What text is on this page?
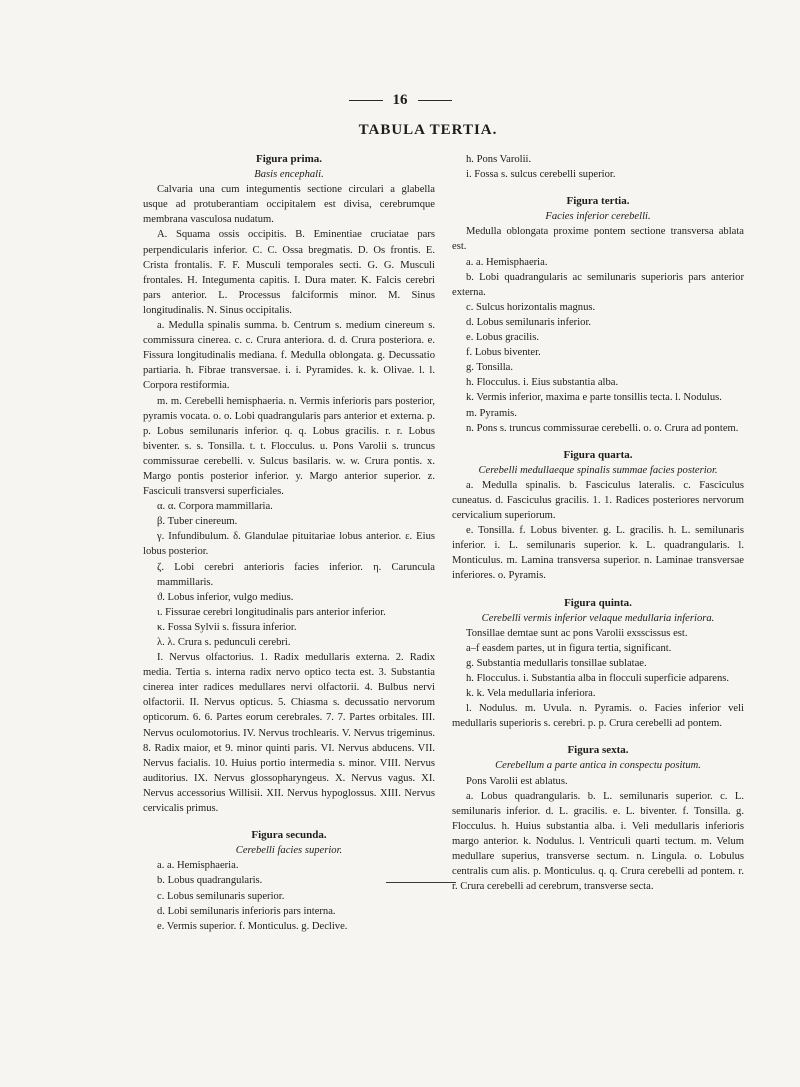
16
TABULA TERTIA.

Figura prima.

Basis encephali.

Calvaria una cum integumentis sectione circulari a glabella usque ad protuberantiam occipitalem est divisa, cerebrumque membrana vasculosa nudatum.

A. Squama ossis occipitis. B. Eminentiae cruciatae pars perpendicularis inferior. C. C. Ossa bregmatis. D. Os frontis. E. Crista frontalis. F. F. Musculi temporales secti. G. G. Musculi frontales. H. Integumenta capitis. I. Dura mater. K. Falcis cerebri pars anterior. L. Processus falciformis minor. M. Sinus longitudinalis. N. Sinus occipitalis.

a. Medulla spinalis summa. b. Centrum s. medium cinereum s. commissura cinerea. c. c. Crura anteriora. d. d. Crura posteriora. e. Fissura longitudinalis mediana. f. Medulla oblongata. g. Decussatio partiaria. h. Fibrae transversae. i. i. Pyramides. k. k. Olivae. l. l. Corpora restiformia.

m. m. Cerebelli hemisphaeria. n. Vermis inferioris pars posterior, pyramis vocata. o. o. Lobi quadrangularis pars anterior et externa. p. p. Lobus semilunaris inferior. q. q. Lobus gracilis. r. r. Lobus biventer. s. s. Tonsilla. t. t. Flocculus. u. Pons Varolii s. truncus commissurae cerebelli. v. Sulcus basilaris. w. w. Crura pontis. x. Margo pontis posterior inferior. y. Margo anterior superior. z. Fasciculi transversi superficiales.

α. α. Corpora mammillaria.

β. Tuber cinereum.

γ. Infundibulum. δ. Glandulae pituitariae lobus anterior. ε. Eius lobus posterior.

ζ. Lobi cerebri anterioris facies inferior. η. Caruncula mammillaris.

ϑ. Lobus inferior, vulgo medius.

ι. Fissurae cerebri longitudinalis pars anterior inferior.

κ. Fossa Sylvii s. fissura inferior.

λ. λ. Crura s. pedunculi cerebri.

I. Nervus olfactorius. 1. Radix medullaris externa. 2. Radix media. Tertia s. interna radix nervo optico tecta est. 3. Substantia cinerea inter radices medullares nervi olfactorii. 4. Bulbus nervi olfactorii. II. Nervus opticus. 5. Chiasma s. decussatio nervorum opticorum. 6. 6. Partes eorum cerebrales. 7. 7. Partes orbitales. III. Nervus oculomotorius. IV. Nervus trochlearis. V. Nervus trigeminus. 8. Radix maior, et 9. minor quinti paris. VI. Nervus abducens. VII. Nervus facialis. 10. Huius portio intermedia s. minor. VIII. Nervus auditorius. IX. Nervus glossopharyngeus. X. Nervus vagus. XI. Nervus accessorius Willisii. XII. Nervus hypoglossus. XIII. Nervus cervicalis primus.

Figura secunda.

Cerebelli facies superior.

a. a. Hemisphaeria.

b. Lobus quadrangularis.

c. Lobus semilunaris superior.

d. Lobi semilunaris inferioris pars interna.

e. Vermis superior. f. Monticulus. g. Declive.

h. Pons Varolii.

i. Fossa s. sulcus cerebelli superior.

Figura tertia.

Facies inferior cerebelli.

Medulla oblongata proxime pontem sectione transversa ablata est.

a. a. Hemisphaeria.

b. Lobi quadrangularis ac semilunaris superioris pars anterior externa.

c. Sulcus horizontalis magnus.

d. Lobus semilunaris inferior.

e. Lobus gracilis.

f. Lobus biventer.

g. Tonsilla.

h. Flocculus. i. Eius substantia alba.

k. Vermis inferior, maxima e parte tonsillis tecta. l. Nodulus.

m. Pyramis.

n. Pons s. truncus commissurae cerebelli. o. o. Crura ad pontem.

Figura quarta.

Cerebelli medullaeque spinalis summae facies posterior.

a. Medulla spinalis. b. Fasciculus lateralis. c. Fasciculus cuneatus. d. Fasciculus gracilis. 1. 1. Radices posteriores nervorum cervicalium superiorum.

e. Tonsilla. f. Lobus biventer. g. L. gracilis. h. L. semilunaris inferior. i. L. semilunaris superior. k. L. quadrangularis. l. Monticulus. m. Lamina transversa superior. n. Laminae transversae inferiores. o. Pyramis.

Figura quinta.

Cerebelli vermis inferior velaque medullaria inferiora.

Tonsillae demtae sunt ac pons Varolii exsscissus est.

a–f easdem partes, ut in figura tertia, significant.

g. Substantia medullaris tonsillae sublatae.

h. Flocculus. i. Substantia alba in flocculi superficie adparens.

k. k. Vela medullaria inferiora.

l. Nodulus. m. Uvula. n. Pyramis. o. Facies inferior veli medullaris superioris s. cerebri. p. p. Crura cerebelli ad pontem.

Figura sexta.

Cerebellum a parte antica in conspectu positum.

Pons Varolii est ablatus.

a. Lobus quadrangularis. b. L. semilunaris superior. c. L. semilunaris inferior. d. L. gracilis. e. L. biventer. f. Tonsilla. g. Flocculus. h. Huius substantia alba. i. Veli medullaris inferioris margo anterior. k. Nodulus. l. Ventriculi quarti tectum. m. Velum medullare superius, transverse sectum. n. Lingula. o. Lobulus centralis cum alis. p. Monticulus. q. q. Crura cerebelli ad pontem. r. r. Crura cerebelli ad cerebrum, transverse secta.
